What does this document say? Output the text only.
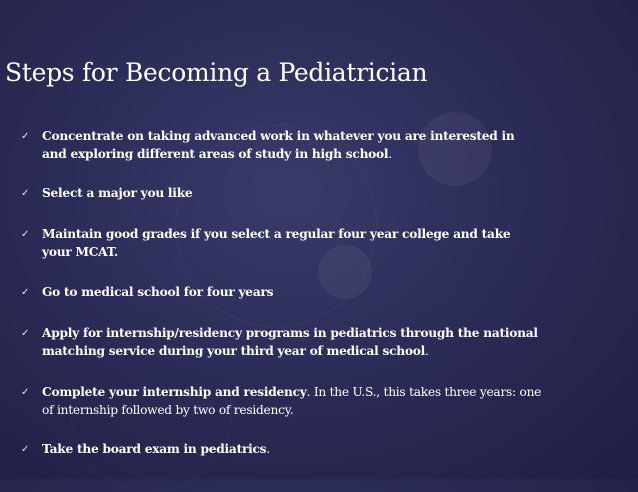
Steps for Becoming a Pediatrician
✓ Concentrate on taking advanced work in whatever you are interested in and exploring different areas of study in high school.
✓ Select a major you like
✓ Maintain good grades if you select a regular four year college and take your MCAT.
✓ Go to medical school for four years
✓ Apply for internship/residency programs in pediatrics through the national matching service during your third year of medical school.
✓ Complete your internship and residency. In the U.S., this takes three years: one of internship followed by two of residency.
✓ Take the board exam in pediatrics.
